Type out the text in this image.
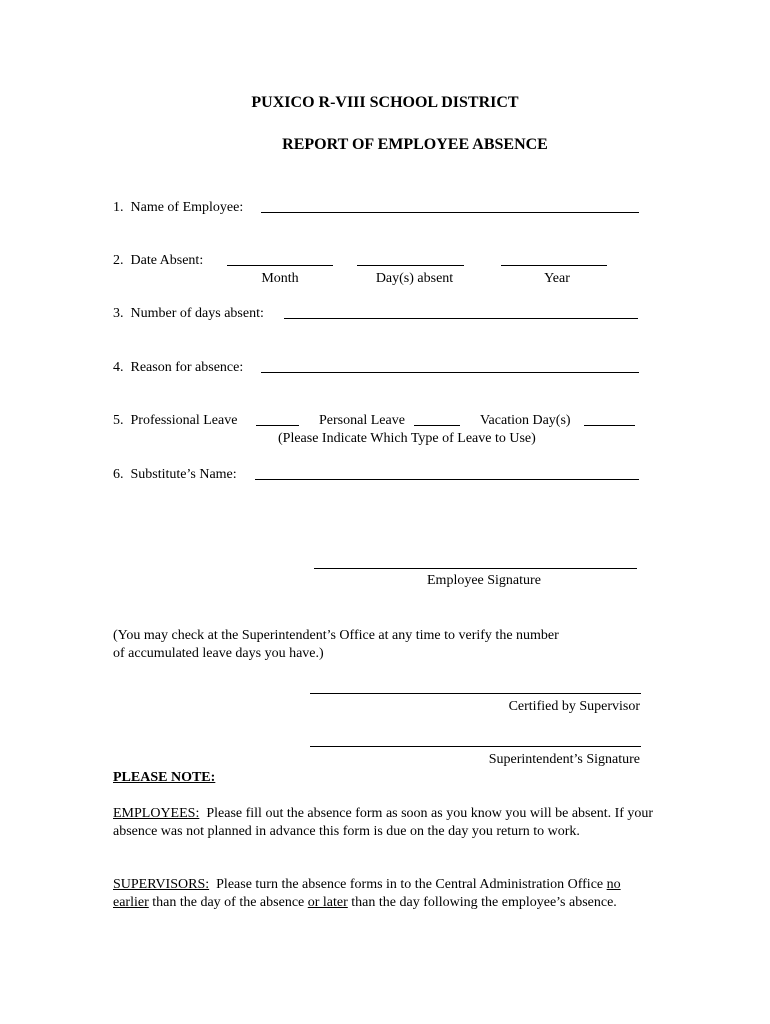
PUXICO R-VIII SCHOOL DISTRICT
REPORT OF EMPLOYEE ABSENCE
1. Name of Employee:
2. Date Absent:
Month	Day(s) absent	Year
3. Number of days absent:
4. Reason for absence:
5. Professional Leave	Personal Leave	Vacation Day(s)
(Please Indicate Which Type of Leave to Use)
6. Substitute’s Name:
Employee Signature
(You may check at the Superintendent’s Office at any time to verify the number
of accumulated leave days you have.)
Certified by Supervisor
Superintendent’s Signature
PLEASE NOTE:
EMPLOYEES: Please fill out the absence form as soon as you know you will be absent. If your absence was not planned in advance this form is due on the day you return to work.
SUPERVISORS: Please turn the absence forms in to the Central Administration Office no earlier than the day of the absence or later than the day following the employee’s absence.
